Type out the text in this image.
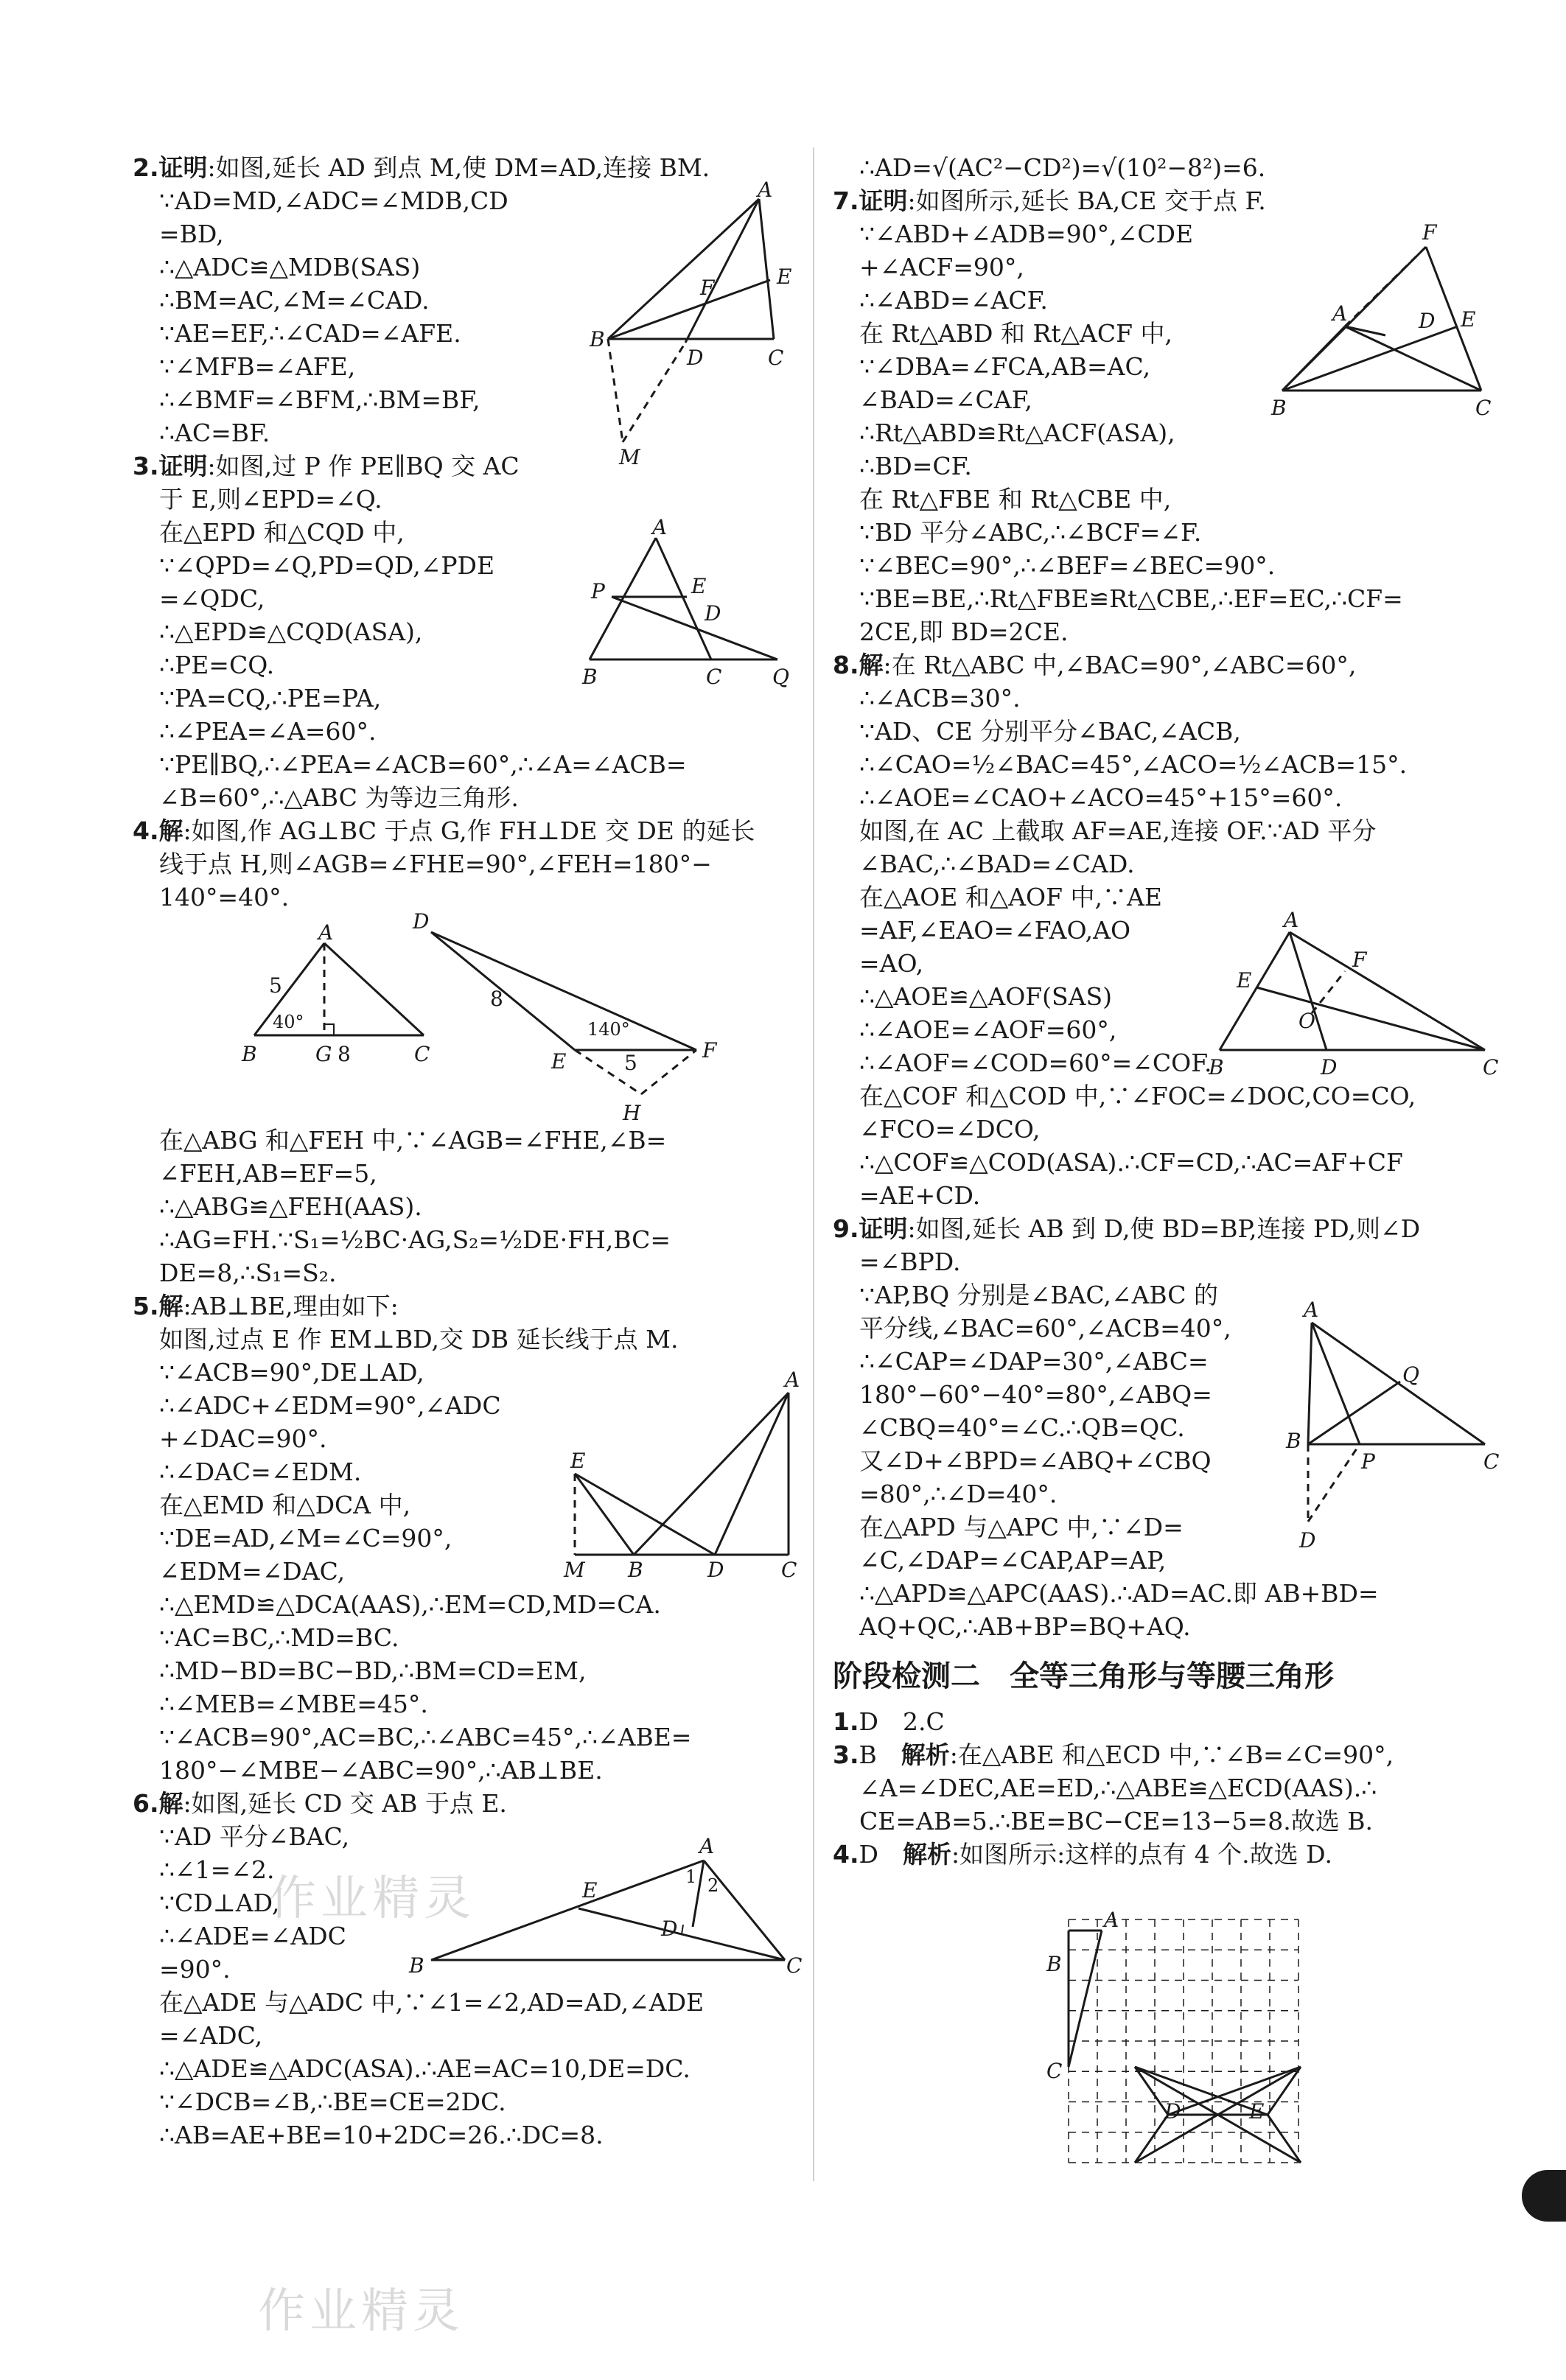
2.证明:如图,延长 AD 到点 M,使 DM=AD,连接 BM.
∵AD=MD,∠ADC=∠MDB,CD
=BD,
∴△ADC≌△MDB(SAS)
∴BM=AC,∠M=∠CAD.
∵AE=EF,∴∠CAD=∠AFE.
∵∠MFB=∠AFE,
∴∠BMF=∠BFM,∴BM=BF,
∴AC=BF.
3.证明:如图,过 P 作 PE∥BQ 交 AC
于 E,则∠EPD=∠Q.
在△EPD 和△CQD 中,
∵∠QPD=∠Q,PD=QD,∠PDE
=∠QDC,
∴△EPD≌△CQD(ASA),
∴PE=CQ.
∵PA=CQ,∴PE=PA,
∴∠PEA=∠A=60°.
∵PE∥BQ,∴∠PEA=∠ACB=60°,∴∠A=∠ACB=
∠B=60°,∴△ABC 为等边三角形.
4.解:如图,作 AG⊥BC 于点 G,作 FH⊥DE 交 DE 的延长
线于点 H,则∠AGB=∠FHE=90°,∠FEH=180°−
140°=40°.
在△ABG 和△FEH 中,∵∠AGB=∠FHE,∠B=
∠FEH,AB=EF=5,
∴△ABG≌△FEH(AAS).
∴AG=FH.∵S₁=½BC·AG,S₂=½DE·FH,BC=
DE=8,∴S₁=S₂.
5.解:AB⊥BE,理由如下:
如图,过点 E 作 EM⊥BD,交 DB 延长线于点 M.
∵∠ACB=90°,DE⊥AD,
∴∠ADC+∠EDM=90°,∠ADC
+∠DAC=90°.
∴∠DAC=∠EDM.
在△EMD 和△DCA 中,
∵DE=AD,∠M=∠C=90°,
∠EDM=∠DAC,
∴△EMD≌△DCA(AAS),∴EM=CD,MD=CA.
∵AC=BC,∴MD=BC.
∴MD−BD=BC−BD,∴BM=CD=EM,
∴∠MEB=∠MBE=45°.
∵∠ACB=90°,AC=BC,∴∠ABC=45°,∴∠ABE=
180°−∠MBE−∠ABC=90°,∴AB⊥BE.
6.解:如图,延长 CD 交 AB 于点 E.
∵AD 平分∠BAC,
∴∠1=∠2.
∵CD⊥AD,
∴∠ADE=∠ADC
=90°.
在△ADE 与△ADC 中,∵∠1=∠2,AD=AD,∠ADE
=∠ADC,
∴△ADE≌△ADC(ASA).∴AE=AC=10,DE=DC.
∵∠DCB=∠B,∴BE=CE=2DC.
∴AB=AE+BE=10+2DC=26.∴DC=8.
∴AD=√(AC²−CD²)=√(10²−8²)=6.
7.证明:如图所示,延长 BA,CE 交于点 F.
∵∠ABD+∠ADB=90°,∠CDE
+∠ACF=90°,
∴∠ABD=∠ACF.
在 Rt△ABD 和 Rt△ACF 中,
∵∠DBA=∠FCA,AB=AC,
∠BAD=∠CAF,
∴Rt△ABD≌Rt△ACF(ASA),
∴BD=CF.
在 Rt△FBE 和 Rt△CBE 中,
∵BD 平分∠ABC,∴∠BCF=∠F.
∵∠BEC=90°,∴∠BEF=∠BEC=90°.
∵BE=BE,∴Rt△FBE≌Rt△CBE,∴EF=EC,∴CF=
2CE,即 BD=2CE.
8.解:在 Rt△ABC 中,∠BAC=90°,∠ABC=60°,
∴∠ACB=30°.
∵AD、CE 分别平分∠BAC,∠ACB,
∴∠CAO=½∠BAC=45°,∠ACO=½∠ACB=15°.
∴∠AOE=∠CAO+∠ACO=45°+15°=60°.
如图,在 AC 上截取 AF=AE,连接 OF.∵AD 平分
∠BAC,∴∠BAD=∠CAD.
在△AOE 和△AOF 中,∵AE
=AF,∠EAO=∠FAO,AO
=AO,
∴△AOE≌△AOF(SAS)
∴∠AOE=∠AOF=60°,
∴∠AOF=∠COD=60°=∠COF.
在△COF 和△COD 中,∵∠FOC=∠DOC,CO=CO,
∠FCO=∠DCO,
∴△COF≌△COD(ASA).∴CF=CD,∴AC=AF+CF
=AE+CD.
9.证明:如图,延长 AB 到 D,使 BD=BP,连接 PD,则∠D
=∠BPD.
∵AP,BQ 分别是∠BAC,∠ABC 的
平分线,∠BAC=60°,∠ACB=40°,
∴∠CAP=∠DAP=30°,∠ABC=
180°−60°−40°=80°,∠ABQ=
∠CBQ=40°=∠C.∴QB=QC.
又∠D+∠BPD=∠ABQ+∠CBQ
=80°,∴∠D=40°.
在△APD 与△APC 中,∵∠D=
∠C,∠DAP=∠CAP,AP=AP,
∴△APD≌△APC(AAS).∴AD=AC.即 AB+BD=
AQ+QC,∴AB+BP=BQ+AQ.
阶段检测二　全等三角形与等腰三角形
1.D　2.C
3.B　解析:在△ABE 和△ECD 中,∵∠B=∠C=90°,
∠A=∠DEC,AE=ED,∴△ABE≌△ECD(AAS).∴
CE=AB=5.∴BE=BC−CE=13−5=8.故选 B.
4.D　解析:如图所示:这样的点有 4 个.故选 D.
A
B
C
D
E
F
M
A
P	E
D
B	C Q
A
B	G	C
5
40°
8
D
E	F
H
8
140°
5
E
M B	D	C
A
A
E
D
B	C
1 2
F
A	D E
B	C
A
F
E
O
B	D	C
A
Q
B
P	C
D
A
B
C
D	E
作业精灵
作业精灵
